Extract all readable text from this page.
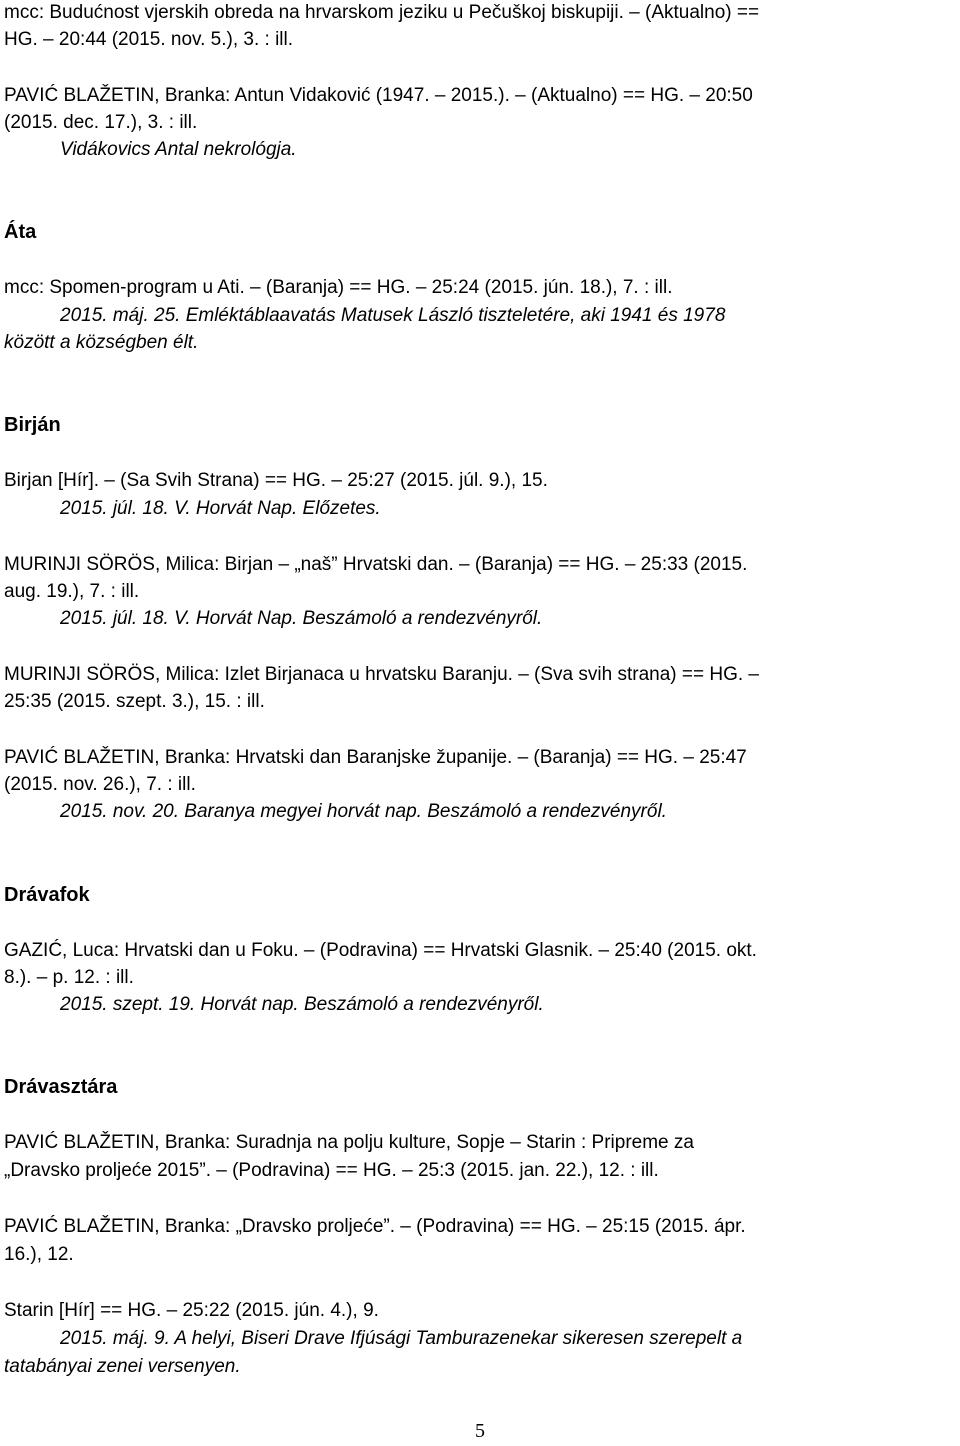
mcc: Budućnost vjerskih obreda na hrvarskom jeziku u Pečuškoj biskupiji. – (Aktualno) ==
HG. – 20:44 (2015. nov. 5.), 3. : ill.
PAVIĆ BLAŽETIN, Branka: Antun Vidaković (1947. – 2015.). – (Aktualno) == HG. – 20:50
(2015. dec. 17.), 3. : ill.
Vidákovics Antal nekrológja.
Áta
mcc: Spomen-program u Ati. – (Baranja) == HG. – 25:24 (2015. jún. 18.), 7. : ill.
2015. máj. 25. Emléktáblaavatás Matusek László tiszteletére, aki 1941 és 1978
között a községben élt.
Birján
Birjan [Hír]. – (Sa Svih Strana) == HG. – 25:27 (2015. júl. 9.), 15.
2015. júl. 18. V. Horvát Nap. Előzetes.
MURINJI SÖRÖS, Milica: Birjan – „naš” Hrvatski dan. – (Baranja) == HG. – 25:33 (2015.
aug. 19.), 7. : ill.
2015. júl. 18. V. Horvát Nap. Beszámoló a rendezvényről.
MURINJI SÖRÖS, Milica: Izlet Birjanaca u hrvatsku Baranju. – (Sva svih strana) == HG. –
25:35 (2015. szept. 3.), 15. : ill.
PAVIĆ BLAŽETIN, Branka: Hrvatski dan Baranjske županije. – (Baranja) == HG. – 25:47
(2015. nov. 26.), 7. : ill.
2015. nov. 20. Baranya megyei horvát nap. Beszámoló a rendezvényről.
Drávafok
GAZIĆ, Luca: Hrvatski dan u Foku. – (Podravina) == Hrvatski Glasnik. – 25:40 (2015. okt.
8.). – p. 12. : ill.
2015. szept. 19. Horvát nap. Beszámoló a rendezvényről.
Drávasztára
PAVIĆ BLAŽETIN, Branka: Suradnja na polju kulture, Sopje – Starin : Pripreme za
„Dravsko proljeće 2015”. – (Podravina) == HG. – 25:3 (2015. jan. 22.), 12. : ill.
PAVIĆ BLAŽETIN, Branka: „Dravsko proljeće”. – (Podravina) == HG. – 25:15 (2015. ápr.
16.), 12.
Starin [Hír] == HG. – 25:22 (2015. jún. 4.), 9.
2015. máj. 9. A helyi, Biseri Drave Ifjúsági Tamburazenekar sikeresen szerepelt a
tatabányai zenei versenyen.
5
